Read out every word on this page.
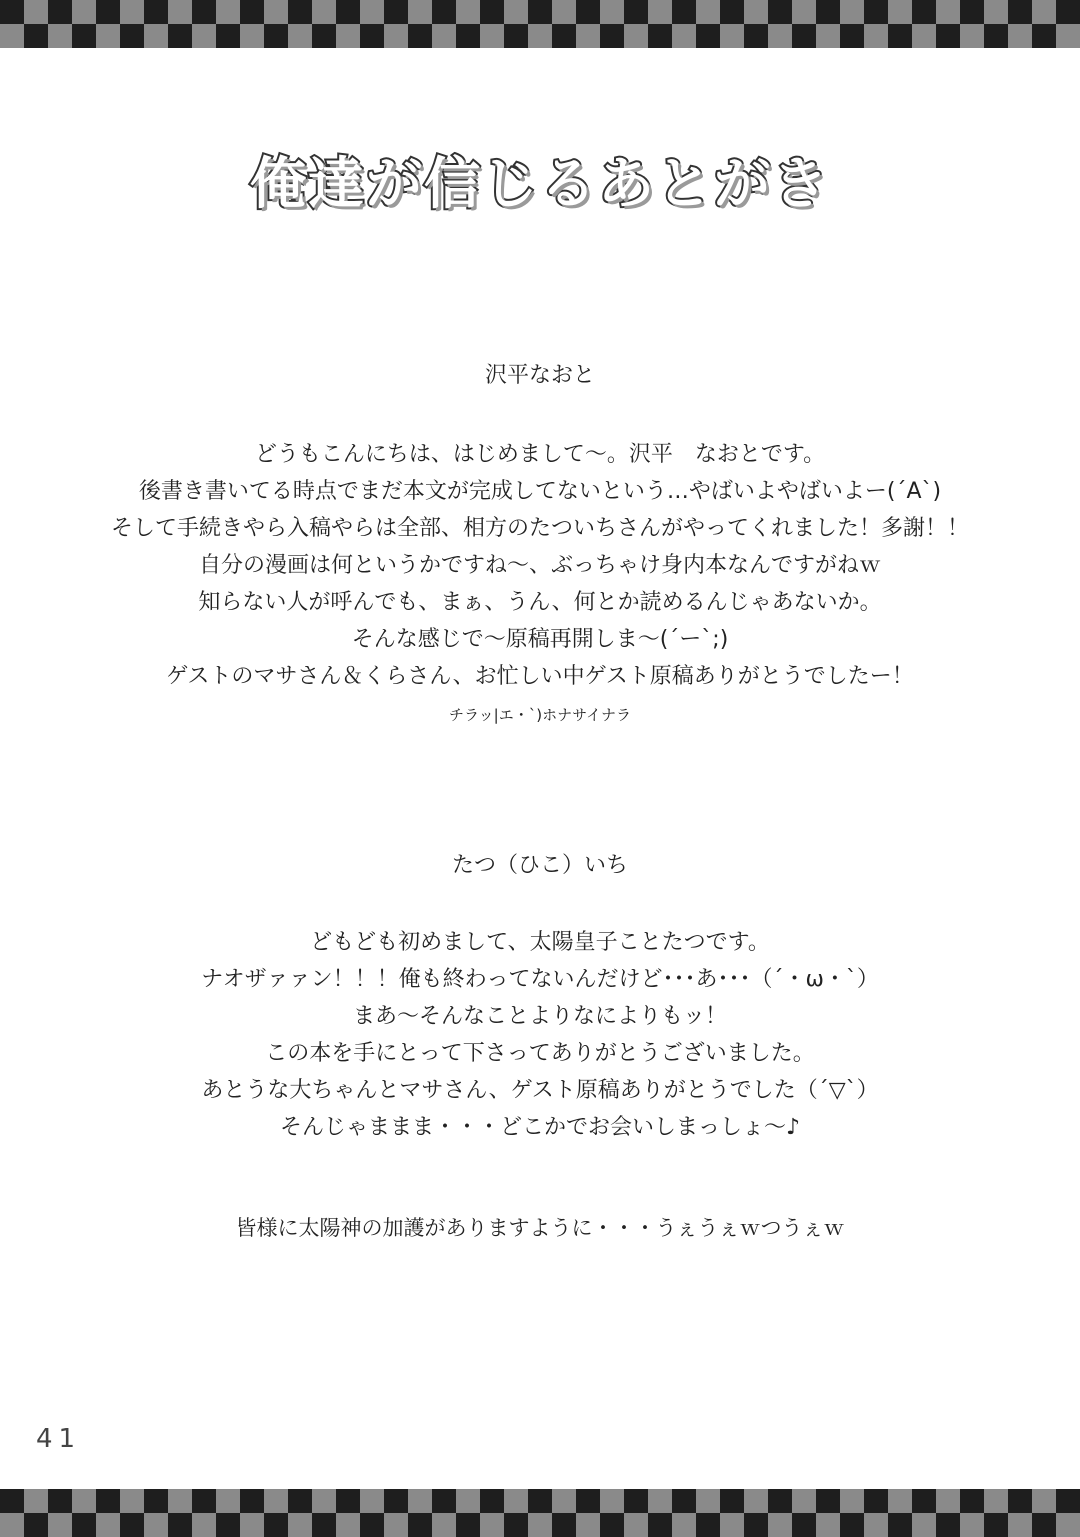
俺達が信じるあとがき
沢平なおと
どうもこんにちは、はじめまして～。沢平　なおとです。
後書き書いてる時点でまだ本文が完成してないという…やばいよやばいよー(´A`)
そして手続きやら入稿やらは全部、相方のたついちさんがやってくれました！多謝！！
自分の漫画は何というかですね～、ぶっちゃけ身内本なんですがねｗ
知らない人が呼んでも、まぁ、うん、何とか読めるんじゃあないか。
そんな感じで～原稿再開しま～(´ー`;)
ゲストのマサさん＆くらさん、お忙しい中ゲスト原稿ありがとうでしたー！
チラッ|エ・`)ホナサイナラ
たつ（ひこ）いち
どもども初めまして、太陽皇子ことたつです。
ナオザァァン！！！俺も終わってないんだけど･･･あ･･･（´・ω・`）
まあ～そんなことよりなによりもッ！
この本を手にとって下さってありがとうございました。
あとうな大ちゃんとマサさん、ゲスト原稿ありがとうでした（´▽`）
そんじゃままま・・・どこかでお会いしまっしょ～♪
皆様に太陽神の加護がありますように・・・うぇうぇｗつうぇｗ
41
